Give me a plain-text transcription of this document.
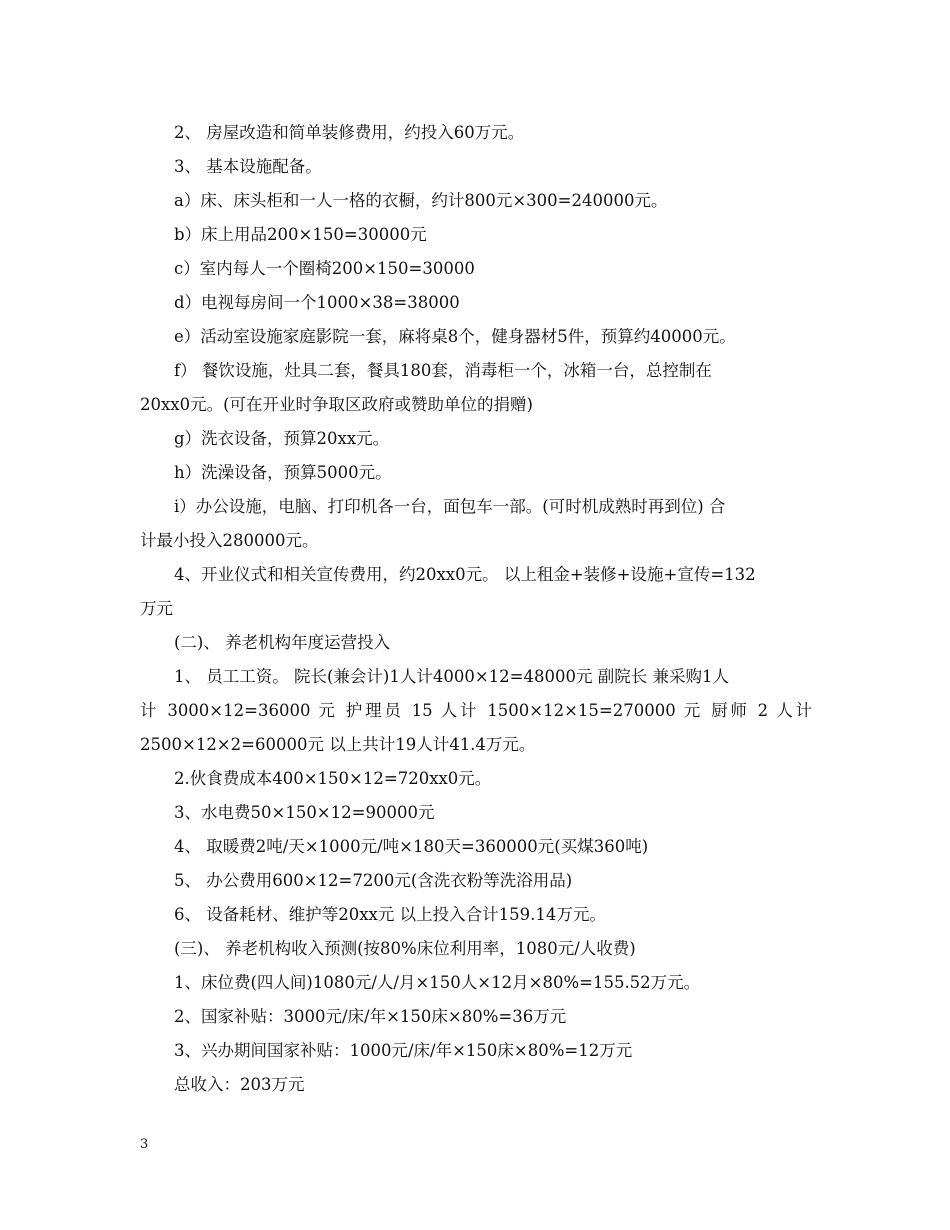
2、 房屋改造和简单装修费用，约投入60万元。
3、 基本设施配备。
a）床、床头柜和一人一格的衣橱，约计800元×300=240000元。
b）床上用品200×150=30000元
c）室内每人一个圈椅200×150=30000
d）电视每房间一个1000×38=38000
e）活动室设施家庭影院一套，麻将桌8个，健身器材5件，预算约40000元。
f） 餐饮设施，灶具二套，餐具180套，消毒柜一个，冰箱一台，总控制在
20xx0元。(可在开业时争取区政府或赞助单位的捐赠)
g）洗衣设备，预算20xx元。
h）洗澡设备，预算5000元。
i）办公设施，电脑、打印机各一台，面包车一部。(可时机成熟时再到位) 合
计最小投入280000元。
4、开业仪式和相关宣传费用，约20xx0元。 以上租金+装修+设施+宣传=132
万元
(二)、 养老机构年度运营投入
1、 员工工资。 院长(兼会计)1人计4000×12=48000元 副院长 兼采购1人
计 3000×12=36000 元 护理员 15 人计 1500×12×15=270000 元 厨师 2 人计
2500×12×2=60000元 以上共计19人计41.4万元。
2.伙食费成本400×150×12=720xx0元。
3、水电费50×150×12=90000元
4、 取暖费2吨/天×1000元/吨×180天=360000元(买煤360吨)
5、 办公费用600×12=7200元(含洗衣粉等洗浴用品)
6、 设备耗材、维护等20xx元 以上投入合计159.14万元。
(三)、 养老机构收入预测(按80%床位利用率，1080元/人收费)
1、床位费(四人间)1080元/人/月×150人×12月×80%=155.52万元。
2、国家补贴：3000元/床/年×150床×80%=36万元
3、兴办期间国家补贴：1000元/床/年×150床×80%=12万元
总收入：203万元
3
